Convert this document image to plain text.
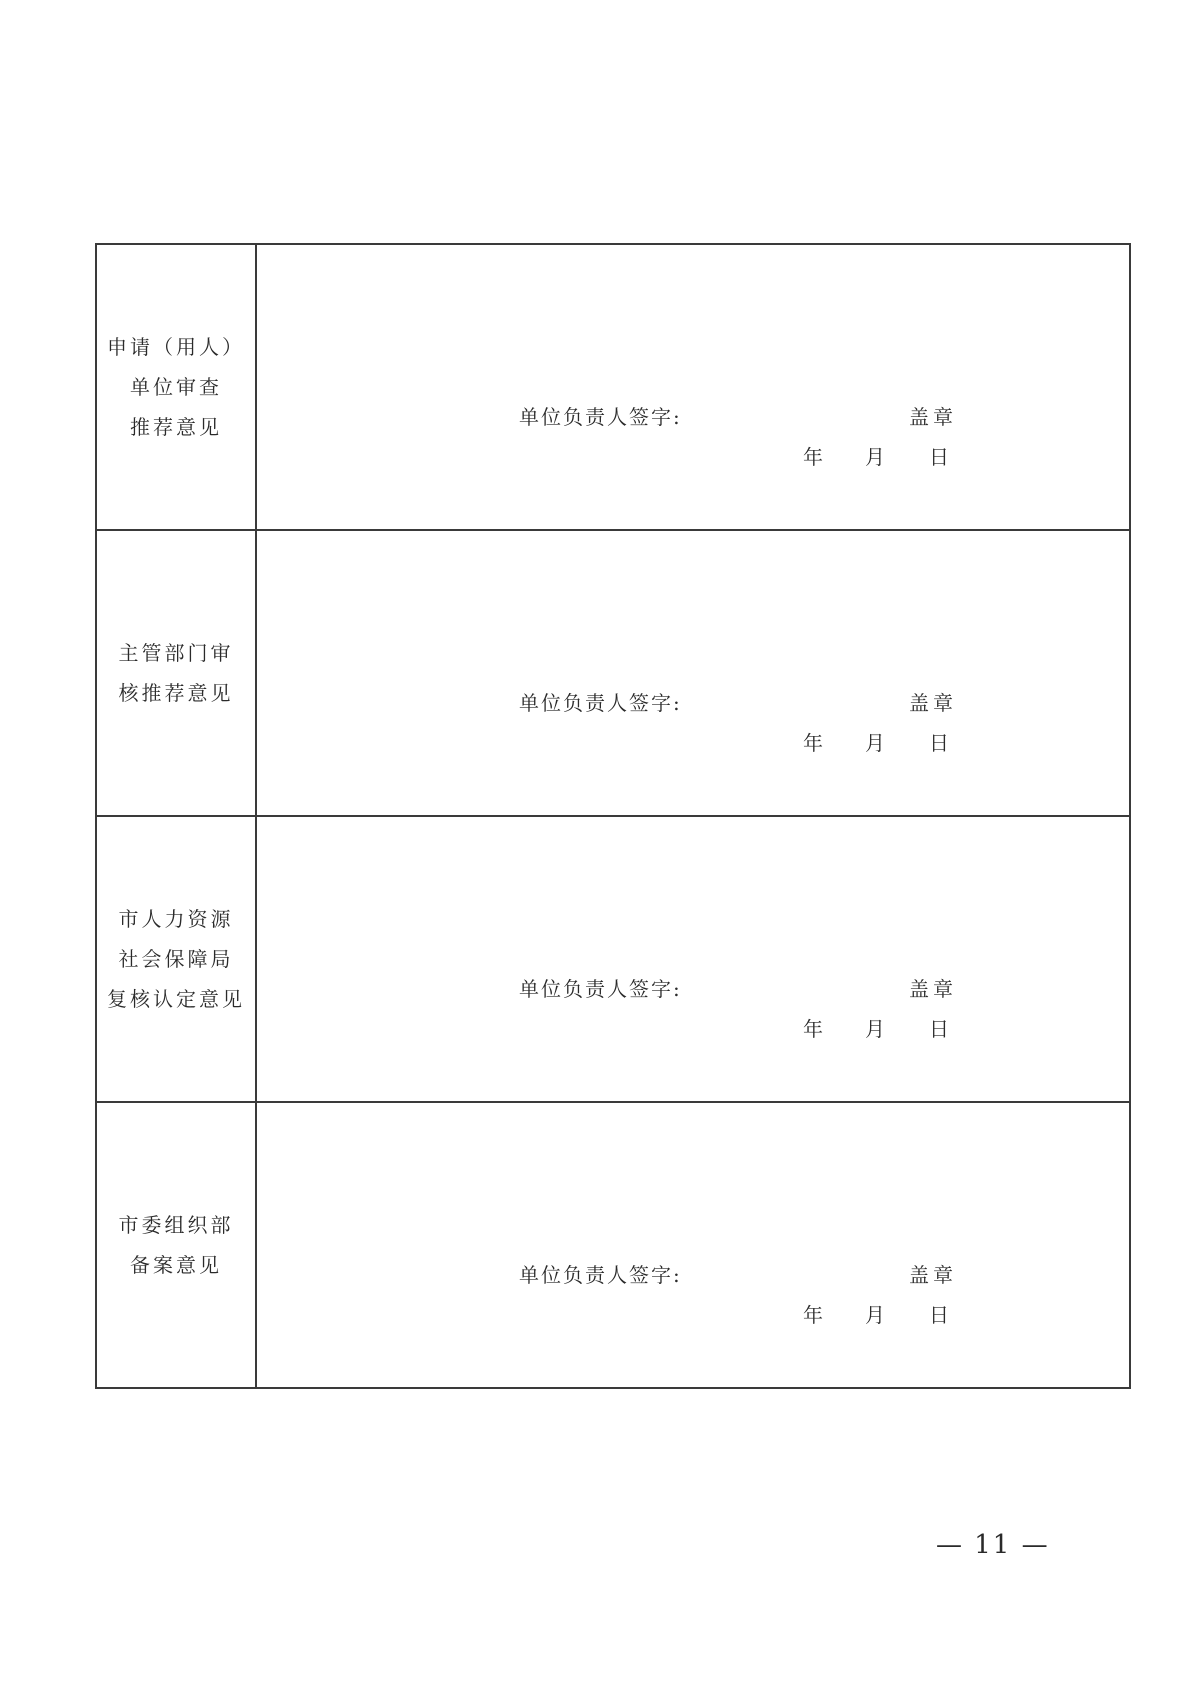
申请（用人）
单位审查
推荐意见	单位负责人签字:	盖章
年 月 日
主管部门审
核推荐意见	单位负责人签字:	盖章
年 月 日
市人力资源
社会保障局
复核认定意见	单位负责人签字:	盖章
年 月 日
市委组织部
备案意见	单位负责人签字:	盖章
年 月 日
— 11 —
